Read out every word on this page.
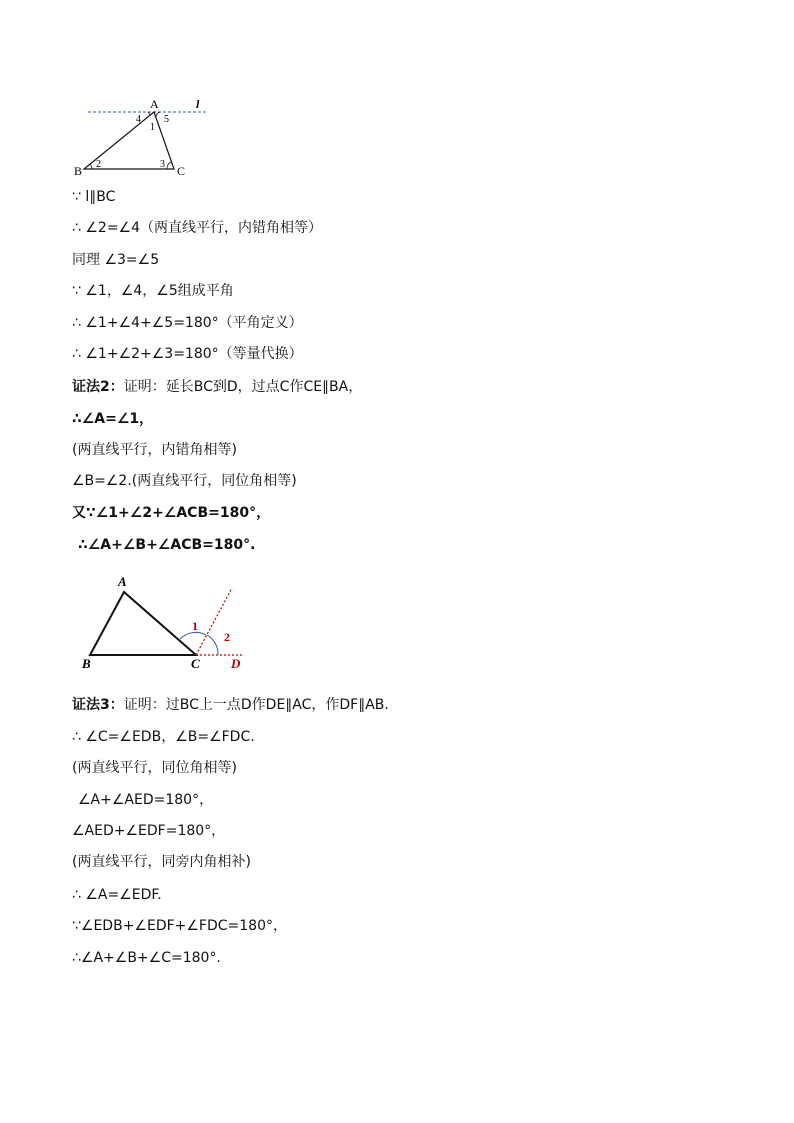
A	l
B	C
4 5
1
2	3
∵ l∥BC
∴ ∠2=∠4（两直线平行，内错角相等）
同理 ∠3=∠5
∵ ∠1，∠4，∠5组成平角
∴ ∠1+∠4+∠5=180°（平角定义）
∴ ∠1+∠2+∠3=180°（等量代换）
证法2：证明：延长BC到D，过点C作CE∥BA，
∴∠A=∠1，
(两直线平行，内错角相等)
∠B=∠2.(两直线平行，同位角相等)
又∵∠1+∠2+∠ACB=180°，
∴∠A+∠B+∠ACB=180°.
A
B	C D
1
2
证法3：证明：过BC上一点D作DE∥AC，作DF∥AB.
∴ ∠C=∠EDB，∠B=∠FDC.
(两直线平行，同位角相等)
∠A+∠AED=180°，
∠AED+∠EDF=180°，
(两直线平行，同旁内角相补)
∴ ∠A=∠EDF.
∵∠EDB+∠EDF+∠FDC=180°，
∴∠A+∠B+∠C=180°.
